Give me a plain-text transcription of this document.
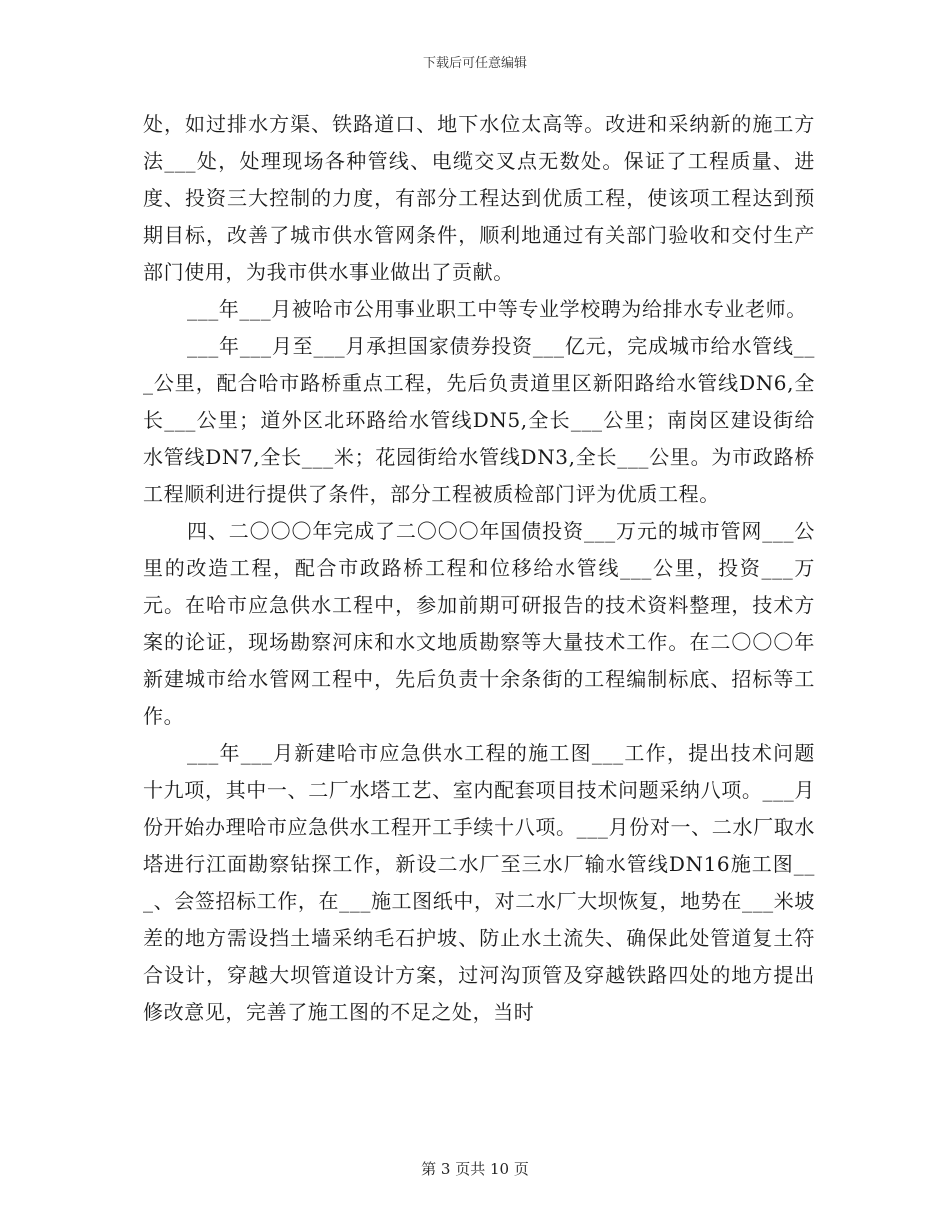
下载后可任意编辑

处，如过排水方渠、铁路道口、地下水位太高等。改进和采纳新的施工方法___处，处理现场各种管线、电缆交叉点无数处。保证了工程质量、进度、投资三大控制的力度，有部分工程达到优质工程，使该项工程达到预期目标，改善了城市供水管网条件，顺利地通过有关部门验收和交付生产部门使用，为我市供水事业做出了贡献。

___年___月被哈市公用事业职工中等专业学校聘为给排水专业老师。

___年___月至___月承担国家债券投资___亿元，完成城市给水管线___公里，配合哈市路桥重点工程，先后负责道里区新阳路给水管线DN6,全长___公里；道外区北环路给水管线DN5,全长___公里；南岗区建设街给水管线DN7,全长___米；花园街给水管线DN3,全长___公里。为市政路桥工程顺利进行提供了条件，部分工程被质检部门评为优质工程。

四、二〇〇〇年完成了二〇〇〇年国债投资___万元的城市管网___公里的改造工程，配合市政路桥工程和位移给水管线___公里，投资___万元。在哈市应急供水工程中，参加前期可研报告的技术资料整理，技术方案的论证，现场勘察河床和水文地质勘察等大量技术工作。在二〇〇〇年新建城市给水管网工程中，先后负责十余条街的工程编制标底、招标等工作。

___年___月新建哈市应急供水工程的施工图___工作，提出技术问题十九项，其中一、二厂水塔工艺、室内配套项目技术问题采纳八项。___月份开始办理哈市应急供水工程开工手续十八项。___月份对一、二水厂取水塔进行江面勘察钻探工作，新设二水厂至三水厂输水管线DN16施工图___、会签招标工作，在___施工图纸中，对二水厂大坝恢复，地势在___米坡差的地方需设挡土墙采纳毛石护坡、防止水土流失、确保此处管道复土符合设计，穿越大坝管道设计方案，过河沟顶管及穿越铁路四处的地方提出修改意见，完善了施工图的不足之处，当时

第 3 页共 10 页
